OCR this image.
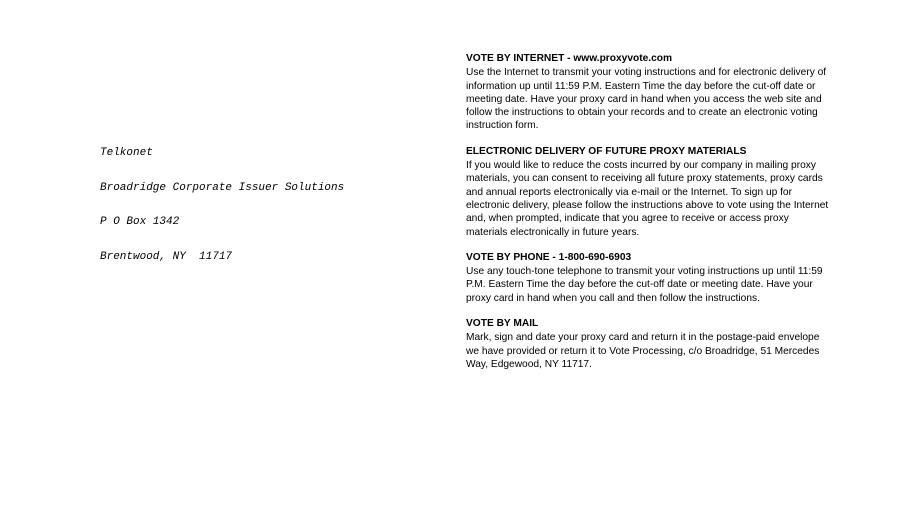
Telkonet

Broadridge Corporate Issuer Solutions

P O Box 1342

Brentwood, NY  11717

VOTE BY INTERNET - www.proxyvote.com
Use the Internet to transmit your voting instructions and for electronic delivery of information up until 11:59 P.M. Eastern Time the day before the cut-off date or meeting date. Have your proxy card in hand when you access the web site and follow the instructions to obtain your records and to create an electronic voting instruction form.
ELECTRONIC DELIVERY OF FUTURE PROXY MATERIALS
If you would like to reduce the costs incurred by our company in mailing proxy materials, you can consent to receiving all future proxy statements, proxy cards and annual reports electronically via e-mail or the Internet. To sign up for electronic delivery, please follow the instructions above to vote using the Internet and, when prompted, indicate that you agree to receive or access proxy materials electronically in future years.
VOTE BY PHONE - 1-800-690-6903
Use any touch-tone telephone to transmit your voting instructions up until 11:59 P.M. Eastern Time the day before the cut-off date or meeting date. Have your proxy card in hand when you call and then follow the instructions.
VOTE BY MAIL
Mark, sign and date your proxy card and return it in the postage-paid envelope we have provided or return it to Vote Processing, c/o Broadridge, 51 Mercedes Way, Edgewood, NY 11717.
